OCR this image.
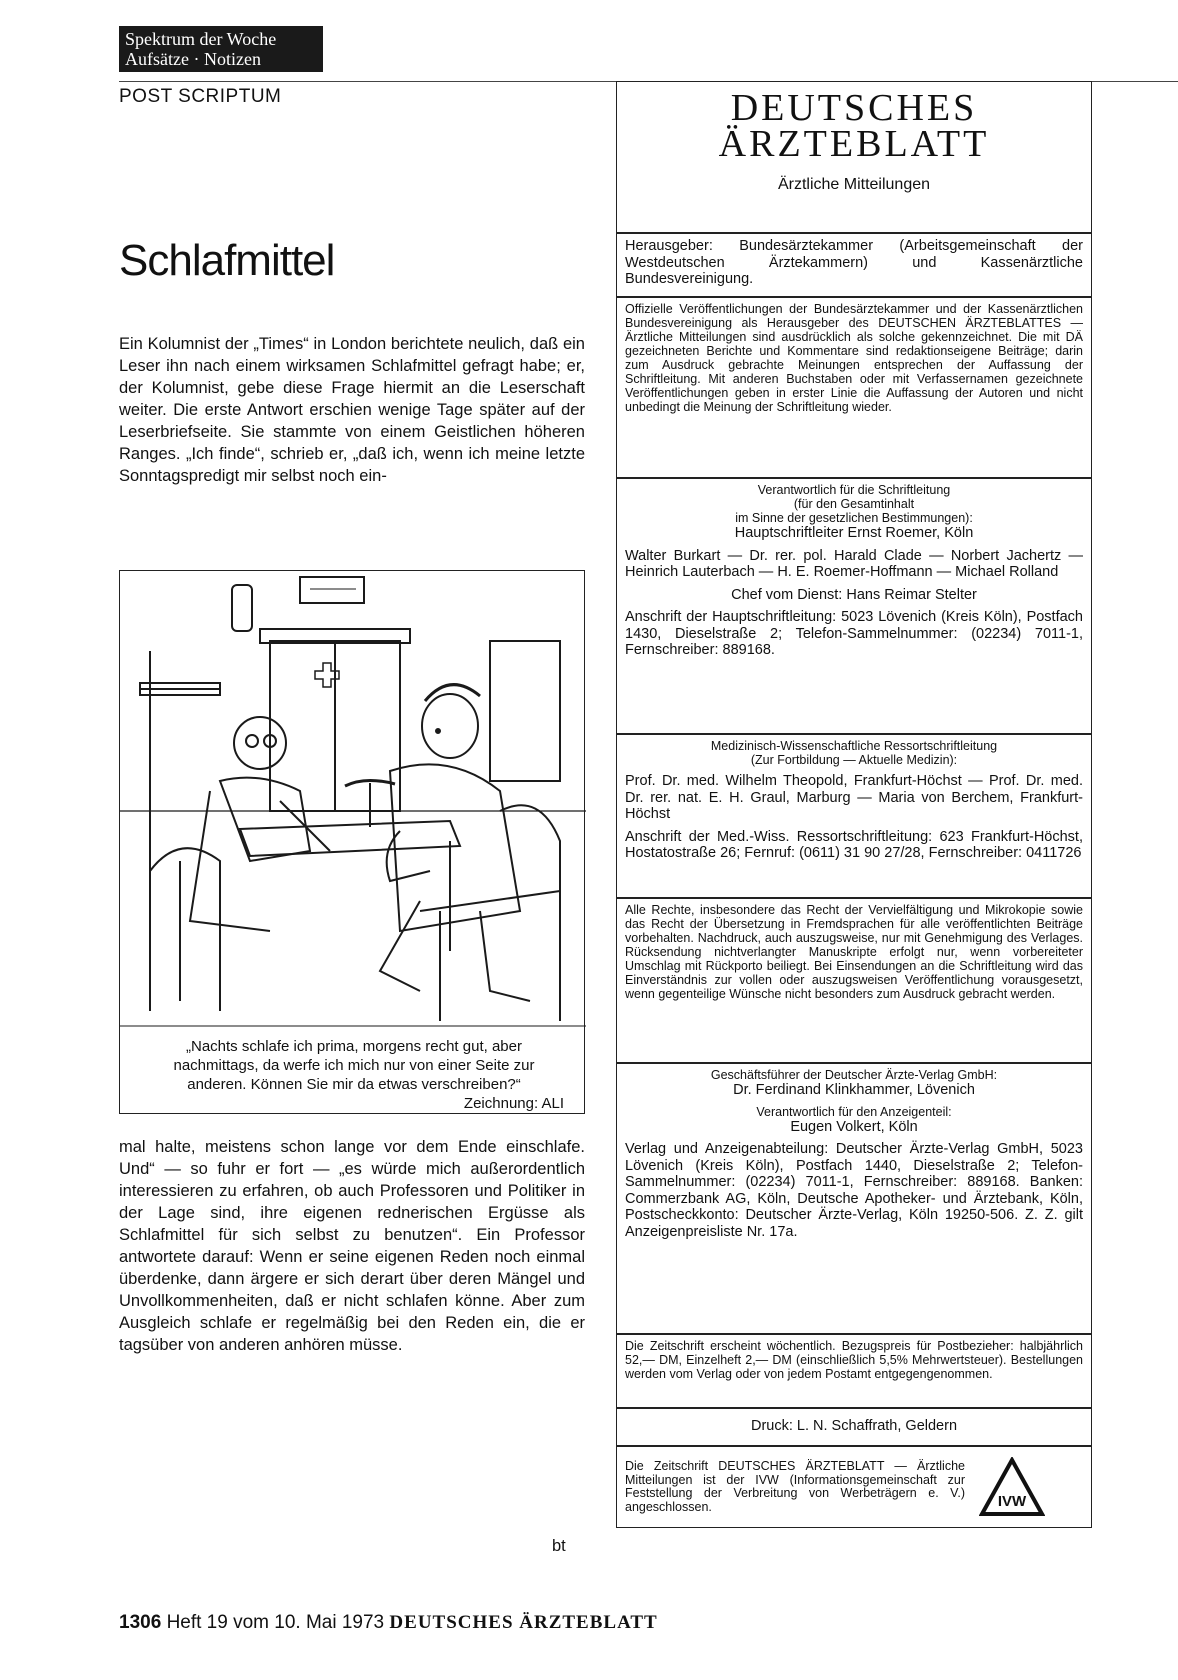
Spektrum der Woche
Aufsätze · Notizen
POST SCRIPTUM
Schlafmittel
Ein Kolumnist der „Times“ in London berichtete neulich, daß ein Leser ihn nach einem wirksamen Schlafmittel gefragt habe; er, der Kolumnist, gebe diese Frage hiermit an die Leserschaft weiter. Die erste Antwort erschien wenige Tage später auf der Leserbriefseite. Sie stammte von einem Geistlichen höheren Ranges. „Ich finde“, schrieb er, „daß ich, wenn ich meine letzte Sonntagspredigt mir selbst noch ein-
„Nachts schlafe ich prima, morgens recht gut, aber nachmittags, da werfe ich mich nur von einer Seite zur anderen. Können Sie mir da etwas verschreiben?“
Zeichnung: ALI
mal halte, meistens schon lange vor dem Ende einschlafe. Und“ — so fuhr er fort — „es würde mich außerordentlich interessieren zu erfahren, ob auch Professoren und Politiker in der Lage sind, ihre eigenen rednerischen Ergüsse als Schlafmittel für sich selbst zu benutzen“. Ein Professor antwortete darauf: Wenn er seine eigenen Reden noch einmal überdenke, dann ärgere er sich derart über deren Mängel und Unvollkommenheiten, daß er nicht schlafen könne. Aber zum Ausgleich schlafe er regelmäßig bei den Reden ein, die er tagsüber von anderen anhören müsse.
bt
DEUTSCHES
ÄRZTEBLATT
Ärztliche Mitteilungen
Herausgeber: Bundesärztekammer (Arbeitsgemeinschaft der Westdeutschen Ärztekammern) und Kassenärztliche Bundesvereinigung.
Offizielle Veröffentlichungen der Bundesärztekammer und der Kassenärztlichen Bundesvereinigung als Herausgeber des DEUTSCHEN ÄRZTEBLATTES — Ärztliche Mitteilungen sind ausdrücklich als solche gekennzeichnet. Die mit DÄ gezeichneten Berichte und Kommentare sind redaktionseigene Beiträge; darin zum Ausdruck gebrachte Meinungen entsprechen der Auffassung der Schriftleitung. Mit anderen Buchstaben oder mit Verfassernamen gezeichnete Veröffentlichungen geben in erster Linie die Auffassung der Autoren und nicht unbedingt die Meinung der Schriftleitung wieder.
Verantwortlich für die Schriftleitung
(für den Gesamtinhalt
im Sinne der gesetzlichen Bestimmungen):
Hauptschriftleiter Ernst Roemer, Köln
Walter Burkart — Dr. rer. pol. Harald Clade — Norbert Jachertz — Heinrich Lauterbach — H. E. Roemer-Hoffmann — Michael Rolland
Chef vom Dienst: Hans Reimar Stelter
Anschrift der Hauptschriftleitung: 5023 Lövenich (Kreis Köln), Postfach 1430, Dieselstraße 2; Telefon-Sammelnummer: (02234) 7011-1, Fernschreiber: 889168.
Medizinisch-Wissenschaftliche Ressortschriftleitung
(Zur Fortbildung — Aktuelle Medizin):
Prof. Dr. med. Wilhelm Theopold, Frankfurt-Höchst — Prof. Dr. med. Dr. rer. nat. E. H. Graul, Marburg — Maria von Berchem, Frankfurt-Höchst
Anschrift der Med.-Wiss. Ressortschriftleitung: 623 Frankfurt-Höchst, Hostatostraße 26; Fernruf: (0611) 31 90 27/28, Fernschreiber: 0411726
Alle Rechte, insbesondere das Recht der Vervielfältigung und Mikrokopie sowie das Recht der Übersetzung in Fremdsprachen für alle veröffentlichten Beiträge vorbehalten. Nachdruck, auch auszugsweise, nur mit Genehmigung des Verlages. Rücksendung nichtverlangter Manuskripte erfolgt nur, wenn vorbereiteter Umschlag mit Rückporto beiliegt. Bei Einsendungen an die Schriftleitung wird das Einverständnis zur vollen oder auszugsweisen Veröffentlichung vorausgesetzt, wenn gegenteilige Wünsche nicht besonders zum Ausdruck gebracht werden.
Geschäftsführer der Deutscher Ärzte-Verlag GmbH:
Dr. Ferdinand Klinkhammer, Lövenich
Verantwortlich für den Anzeigenteil:
Eugen Volkert, Köln
Verlag und Anzeigenabteilung: Deutscher Ärzte-Verlag GmbH, 5023 Lövenich (Kreis Köln), Postfach 1440, Dieselstraße 2; Telefon-Sammelnummer: (02234) 7011-1, Fernschreiber: 889168. Banken: Commerzbank AG, Köln, Deutsche Apotheker- und Ärztebank, Köln, Postscheckkonto: Deutscher Ärzte-Verlag, Köln 19250-506. Z. Z. gilt Anzeigenpreisliste Nr. 17a.
Die Zeitschrift erscheint wöchentlich. Bezugspreis für Postbezieher: halbjährlich 52,— DM, Einzelheft 2,— DM (einschließlich 5,5% Mehrwertsteuer). Bestellungen werden vom Verlag oder von jedem Postamt entgegengenommen.
Druck: L. N. Schaffrath, Geldern
Die Zeitschrift DEUTSCHES ÄRZTEBLATT — Ärztliche Mitteilungen ist der IVW (Informationsgemeinschaft zur Feststellung der Verbreitung von Werbeträgern e. V.) angeschlossen.	IVW
1306 Heft 19 vom 10. Mai 1973 DEUTSCHES ÄRZTEBLATT
